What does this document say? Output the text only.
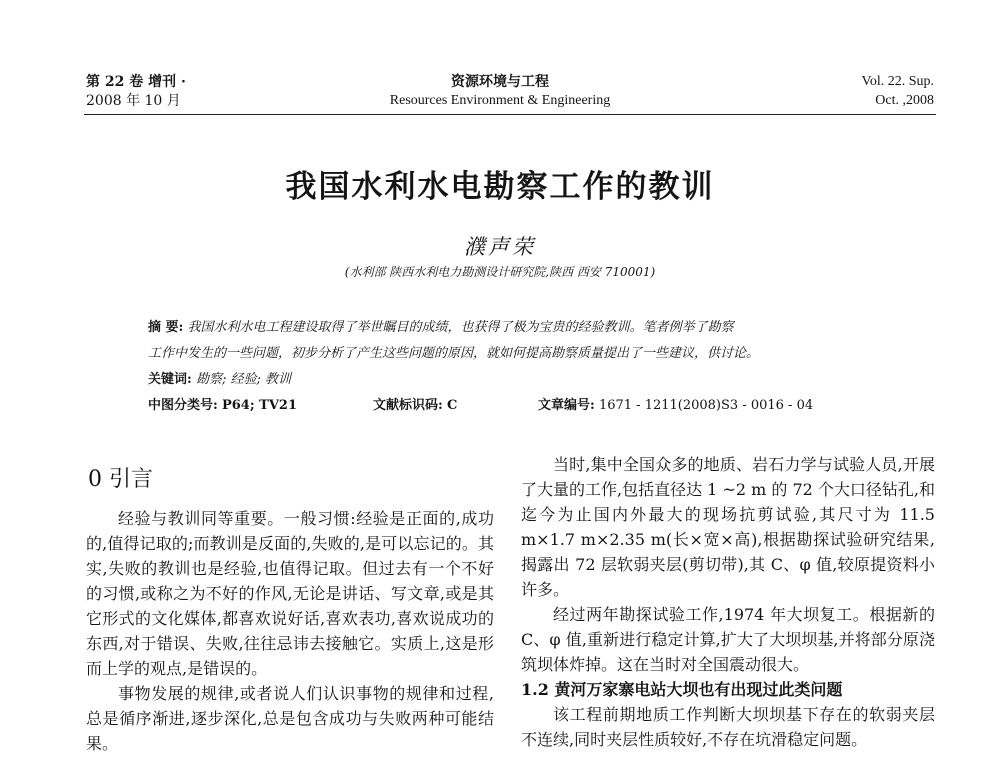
第 22 卷 增刊 ·
2008 年 10 月
资源环境与工程
Resources Environment & Engineering
Vol. 22. Sup.
Oct. ,2008
我国水利水电勘察工作的教训
濮声荣
(水利部 陕西水利电力勘测设计研究院,陕西 西安 710001)
摘 要: 我国水利水电工程建设取得了举世瞩目的成绩，也获得了极为宝贵的经验教训。笔者例举了勘察
工作中发生的一些问题，初步分析了产生这些问题的原因，就如何提高勘察质量提出了一些建议，供讨论。
关键词: 勘察; 经验; 教训
中图分类号: P64; TV21	文献标识码: C	文章编号: 1671 - 1211(2008)S3 - 0016 - 04
0 引言

经验与教训同等重要。一般习惯:经验是正面的,成功的,值得记取的;而教训是反面的,失败的,是可以忘记的。其实,失败的教训也是经验,也值得记取。但过去有一个不好的习惯,或称之为不好的作风,无论是讲话、写文章,或是其它形式的文化媒体,都喜欢说好话,喜欢表功,喜欢说成功的东西,对于错误、失败,往往忌讳去接触它。实质上,这是形而上学的观点,是错误的。

事物发展的规律,或者说人们认识事物的规律和过程,总是循序渐进,逐步深化,总是包含成功与失败两种可能结果。

当时,集中全国众多的地质、岩石力学与试验人员,开展了大量的工作,包括直径达 1 ~2 m 的 72 个大口径钻孔,和迄今为止国内外最大的现场抗剪试验,其尺寸为 11.5 m×1.7 m×2.35 m(长×宽×高),根据勘探试验研究结果,揭露出 72 层软弱夹层(剪切带),其 C、φ 值,较原提资料小许多。

经过两年勘探试验工作,1974 年大坝复工。根据新的 C、φ 值,重新进行稳定计算,扩大了大坝坝基,并将部分原浇筑坝体炸掉。这在当时对全国震动很大。

1.2 黄河万家寨电站大坝也有出现过此类问题

该工程前期地质工作判断大坝坝基下存在的软弱夹层不连续,同时夹层性质较好,不存在坑滑稳定问题。
